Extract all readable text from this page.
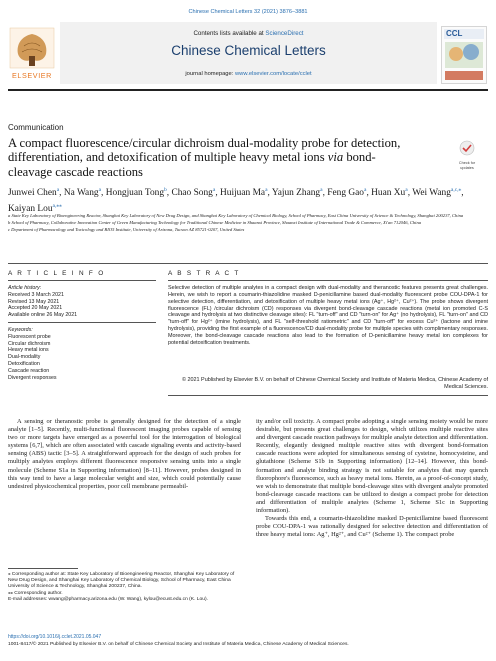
Chinese Chemical Letters 32 (2021) 3876–3881
ELSEVIER
Contents lists available at ScienceDirect
Chinese Chemical Letters
journal homepage: www.elsevier.com/locate/cclet
CCL
Communication
A compact fluorescence/circular dichroism dual-modality probe for detection, differentiation, and detoxification of multiple heavy metal ions via bond-cleavage cascade reactions
Check for
updates
Junwei Chen$^a$, Na Wang$^a$, Hongjuan Tong$^b$, Chao Song$^a$, Huijuan Ma$^a$, Yajun Zhang$^a$, Feng Gao$^a$, Huan Xu$^a$, Wei Wang$^{a,c,⁎}$, Kaiyan Lou$^{a,⁎⁎}$

a State Key Laboratory of Bioengineering Reactor, Shanghai Key Laboratory of New Drug Design, and Shanghai Key Laboratory of Chemical Biology, School of Pharmacy, East China University of Science & Technology, Shanghai 200237, China

b School of Pharmacy, Collaborative Innovation Center of Green Manufacturing Technology for Traditional Chinese Medicine in Shaanxi Province, Shaanxi Institute of International Trade & Commerce, Xi'an 712046, China

c Department of Pharmacology and Toxicology and BIO5 Institute, University of Arizona, Tucson AZ 85721-0207, United States

A R T I C L E I N F O
Article history:
Received 3 March 2021
Revised 13 May 2021
Accepted 20 May 2021
Available online 26 May 2021
Keywords:
Fluorescent probe
Circular dichroism
Heavy metal ions
Dual-modality
Detoxification
Cascade reaction
Divergent responses
A B S T R A C T
Selective detection of multiple analytes in a compact design with dual-modality and theranostic features presents great challenges. Herein, we wish to report a coumarin-thiazolidine masked D-penicillamine based dual-modality fluorescent probe COU-DPA-1 for selective detection, differentiation, and detoxification of multiple heavy metal ions (Ag⁺, Hg²⁺, Cu²⁺). The probe shows divergent fluorescence (FL) /circular dichroism (CD) responses via divergent bond-cleavage cascade reactions (metal ion promoted C-S cleavage and hydrolysis at two distinctive cleavage sites): FL "turn-off" and CD "turn-on" for Ag⁺ (no hydrolysis), FL "turn-on" and CD "turn-off" for Hg²⁺ (imine hydrolysis), and FL "self-threshold ratiometric" and CD "turn-off" for excess Cu²⁺ (lactone and imine hydrolysis), providing the first example of a fluorescence/CD dual-modality probe for multiple species with complimentary responses. Moreover, the bond-cleavage cascade reactions also lead to the formation of D-penicillamine heavy metal ion complexes for potential detoxification treatments.
© 2021 Published by Elsevier B.V. on behalf of Chinese Chemical Society and Institute of Materia Medica, Chinese Academy of Medical Sciences.
A sensing or theranostic probe is generally designed for the detection of a single analyte [1–5]. Recently, multi-functional fluorescent imaging probes capable of sensing two or more targets have emerged as a powerful tool for the interrogation of biological systems [6,7], which are often associated with cascade signaling events and activity-based sensing (ABS) tactic [3–5]. A straightforward approach for the design of such probes for multiply analytes employs different fluorescence responsive sensing units into a single molecule (Scheme S1a in Supporting information) [8–11]. However, probes designed in this way tend to have a large molecular weight and size, which could potentially cause undesired physicochemical properties, poor cell membrane permeabil-

ity and/or cell toxicity. A compact probe adopting a single sensing moiety would be more desirable, but presents great challenges to design, which utilizes multiple reactive sites and divergent cascade reaction pathways for multiple analyte detection and differentiation. Recently, elegantly designed multiple reactive sites with divergent bond-formation cascade reactions were adopted for simultaneous sensing of cysteine, homocysteine, and glutathione (Scheme S1b in Supporting information) [12–14]. However, this bond-formation and analyte binding strategy is not suitable for analytes that may quench fluorophore's fluorescence, such as heavy metal ions. Herein, as a proof-of-concept study, we wish to demonstrate that multiple bond-cleavage sites with divergent analyte promoted bond-cleavage cascade reactions can be utilized to design a compact probe for detection and differentiation of multiple analytes (Scheme 1, Scheme S1c in Supporting information).

Towards this end, a coumarin-thiazolidine masked D-penicillamine based fluorescent probe COU-DPA-1 was rationally designed for selective detection and differentiation of three heavy metal ions: Ag⁺, Hg²⁺, and Cu²⁺ (Scheme 1). The compact probe

⁎ Corresponding author at: State Key Laboratory of Bioengineering Reactor, Shanghai Key Laboratory of New Drug Design, and Shanghai Key Laboratory of Chemical Biology, School of Pharmacy, East China University of Science & Technology, Shanghai 200237, China.
⁎⁎ Corresponding author.
E-mail addresses: wwang@pharmacy.arizona.edu (W. Wang), kylou@ecust.edu.cn (K. Lou).
https://doi.org/10.1016/j.cclet.2021.05.047
1001-8417/© 2021 Published by Elsevier B.V. on behalf of Chinese Chemical Society and Institute of Materia Medica, Chinese Academy of Medical Sciences.
